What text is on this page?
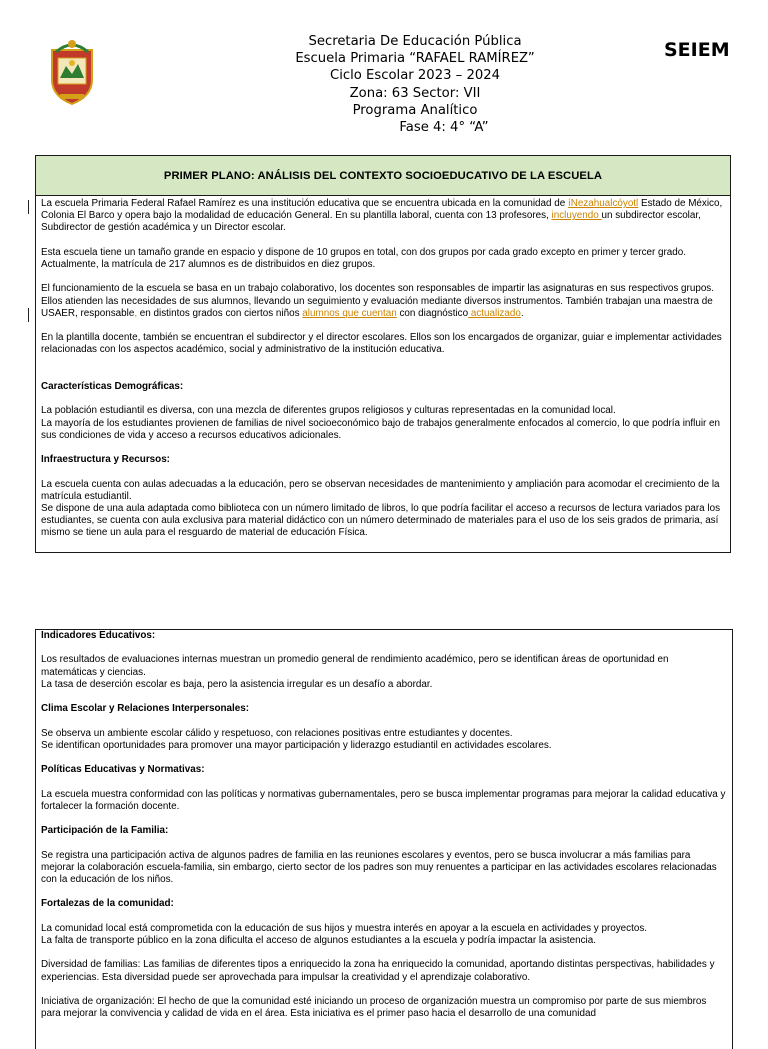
Secretaria De Educación Pública
Escuela Primaria “RAFAEL RAMÍREZ”
Ciclo Escolar 2023 – 2024
Zona: 63 Sector: VII
Programa Analítico
Fase 4: 4° “A”
SEIEM
PRIMER PLANO: ANÁLISIS DEL CONTEXTO SOCIOEDUCATIVO DE LA ESCUELA

La escuela Primaria Federal Rafael Ramírez es una institución educativa que se encuentra ubicada en la comunidad de íNezahualcóyotl Estado de México, Colonia El Barco y opera bajo la modalidad de educación General. En su plantilla laboral, cuenta con 13 profesores, incluyendo un subdirector escolar, Subdirector de gestión académica y un Director escolar.

Esta escuela tiene un tamaño grande en espacio y dispone de 10 grupos en total, con dos grupos por cada grado excepto en primer y tercer grado. Actualmente, la matrícula de 217 alumnos es de distribuidos en diez grupos.

El funcionamiento de la escuela se basa en un trabajo colaborativo, los docentes son responsables de impartir las asignaturas en sus respectivos grupos. Ellos atienden las necesidades de sus alumnos, llevando un seguimiento y evaluación mediante diversos instrumentos. También trabajan una maestra de USAER, responsable, en distintos grados con ciertos niños alumnos que cuentan con diagnóstico actualizado.

En la plantilla docente, también se encuentran el subdirector y el director escolares. Ellos son los encargados de organizar, guiar e implementar actividades relacionadas con los aspectos académico, social y administrativo de la institución educativa.

Características Demográficas:

La población estudiantil es diversa, con una mezcla de diferentes grupos religiosos y culturas representadas en la comunidad local.

La mayoría de los estudiantes provienen de familias de nivel socioeconómico bajo de trabajos generalmente enfocados al comercio, lo que podría influir en sus condiciones de vida y acceso a recursos educativos adicionales.

Infraestructura y Recursos:

La escuela cuenta con aulas adecuadas a la educación, pero se observan necesidades de mantenimiento y ampliación para acomodar el crecimiento de la matrícula estudiantil.

Se dispone de una aula adaptada como biblioteca con un número limitado de libros, lo que podría facilitar el acceso a recursos de lectura variados para los estudiantes, se cuenta con aula exclusiva para material didáctico con un número determinado de materiales para el uso de los seis grados de primaria, así mismo se tiene un aula para el resguardo de material de educación Física.

Indicadores Educativos:

Los resultados de evaluaciones internas muestran un promedio general de rendimiento académico, pero se identifican áreas de oportunidad en matemáticas y ciencias.

La tasa de deserción escolar es baja, pero la asistencia irregular es un desafío a abordar.

Clima Escolar y Relaciones Interpersonales:

Se observa un ambiente escolar cálido y respetuoso, con relaciones positivas entre estudiantes y docentes.

Se identifican oportunidades para promover una mayor participación y liderazgo estudiantil en actividades escolares.

Políticas Educativas y Normativas:

La escuela muestra conformidad con las políticas y normativas gubernamentales, pero se busca implementar programas para mejorar la calidad educativa y fortalecer la formación docente.

Participación de la Familia:

Se registra una participación activa de algunos padres de familia en las reuniones escolares y eventos, pero se busca involucrar a más familias para mejorar la colaboración escuela-familia, sin embargo, cierto sector de los padres son muy renuentes a participar en las actividades escolares relacionadas con la educación de los niños.

Fortalezas de la comunidad:

La comunidad local está comprometida con la educación de sus hijos y muestra interés en apoyar a la escuela en actividades y proyectos.

La falta de transporte público en la zona dificulta el acceso de algunos estudiantes a la escuela y podría impactar la asistencia.

Diversidad de familias: Las familias de diferentes tipos a enriquecido la zona ha enriquecido la comunidad, aportando distintas perspectivas, habilidades y experiencias. Esta diversidad puede ser aprovechada para impulsar la creatividad y el aprendizaje colaborativo.

Iniciativa de organización: El hecho de que la comunidad esté iniciando un proceso de organización muestra un compromiso por parte de sus miembros para mejorar la convivencia y calidad de vida en el área. Esta iniciativa es el primer paso hacia el desarrollo de una comunidad
